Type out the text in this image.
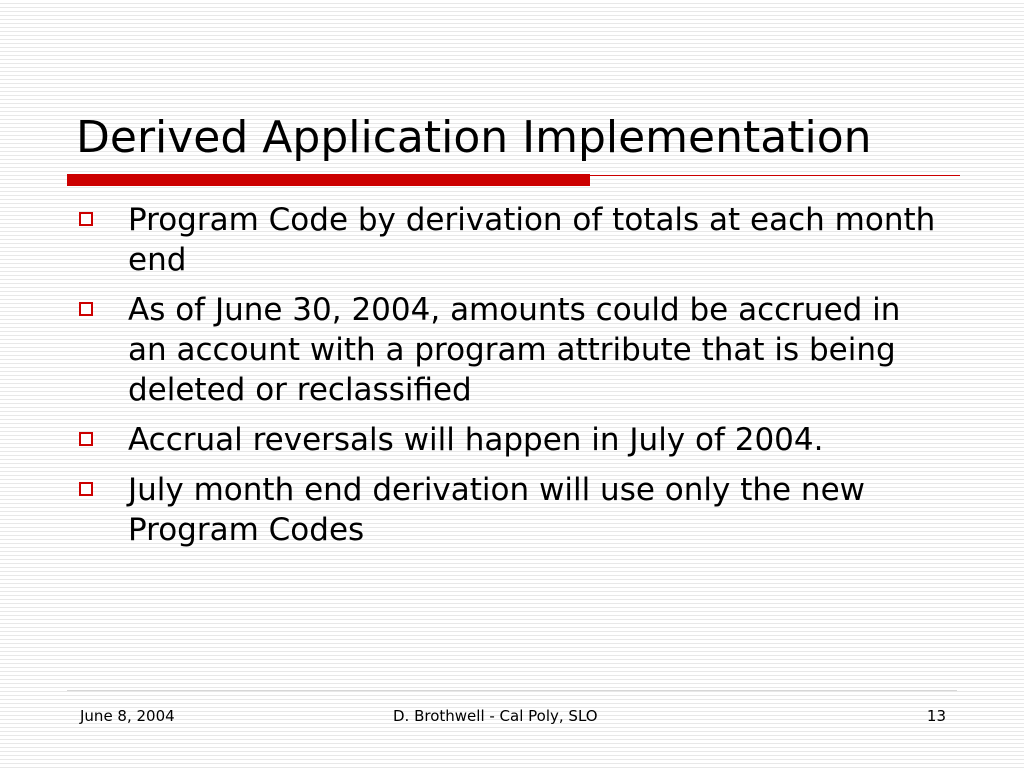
Derived Application Implementation
Program Code by derivation of totals at each month end
As of June 30, 2004, amounts could be accrued in an account with a program attribute that is being deleted or reclassified
Accrual reversals will happen in July of 2004.
July month end derivation will use only the new Program Codes
June 8, 2004	D. Brothwell - Cal Poly, SLO	13
